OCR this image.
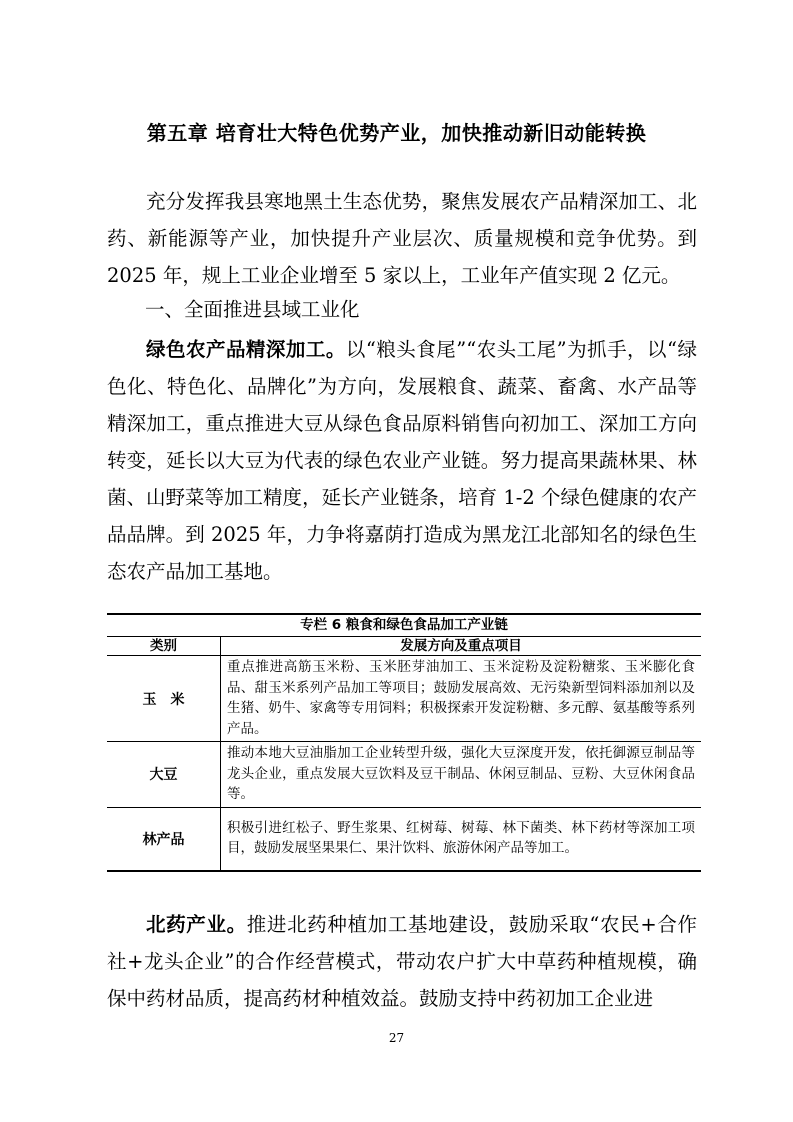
第五章 培育壮大特色优势产业，加快推动新旧动能转换

充分发挥我县寒地黑土生态优势，聚焦发展农产品精深加工、北药、新能源等产业，加快提升产业层次、质量规模和竞争优势。到 2025 年，规上工业企业增至 5 家以上，工业年产值实现 2 亿元。

一、全面推进县域工业化

绿色农产品精深加工。以“粮头食尾”“农头工尾”为抓手，以“绿色化、特色化、品牌化”为方向，发展粮食、蔬菜、畜禽、水产品等精深加工，重点推进大豆从绿色食品原料销售向初加工、深加工方向转变，延长以大豆为代表的绿色农业产业链。努力提高果蔬林果、林菌、山野菜等加工精度，延长产业链条，培育 1-2 个绿色健康的农产品品牌。到 2025 年，力争将嘉荫打造成为黑龙江北部知名的绿色生态农产品加工基地。

专栏 6 粮食和绿色食品加工产业链
类别	发展方向及重点项目
玉　米	重点推进高筋玉米粉、玉米胚芽油加工、玉米淀粉及淀粉糖浆、玉米膨化食品、甜玉米系列产品加工等项目；鼓励发展高效、无污染新型饲料添加剂以及生猪、奶牛、家禽等专用饲料；积极探索开发淀粉糖、多元醇、氨基酸等系列产品。
大豆	推动本地大豆油脂加工企业转型升级，强化大豆深度开发，依托御源豆制品等龙头企业，重点发展大豆饮料及豆干制品、休闲豆制品、豆粉、大豆休闲食品等。
林产品	积极引进红松子、野生浆果、红树莓、树莓、林下菌类、林下药材等深加工项目，鼓励发展坚果果仁、果汁饮料、旅游休闲产品等加工。

北药产业。推进北药种植加工基地建设，鼓励采取“农民+合作社+龙头企业”的合作经营模式，带动农户扩大中草药种植规模，确保中药材品质，提高药材种植效益。鼓励支持中药初加工企业进

27
